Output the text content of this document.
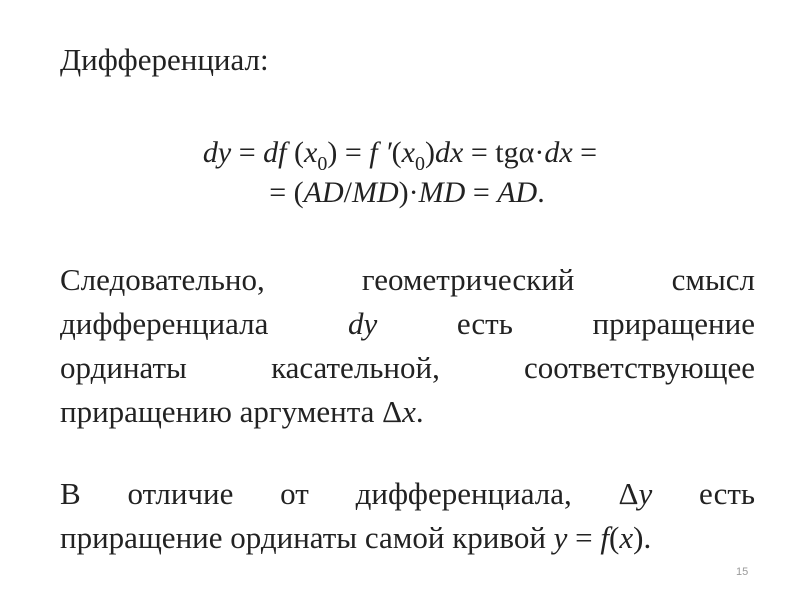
Дифференциал:
dy = df $(x_0) = f$ $'(x_0)dx = tg\alpha\cdot dx$ =
= (AD/MD)·MD = AD.
Следовательно,	геометрический	смысл
дифференциала	dy	есть	приращение
ординаты	касательной,	соответствующее
приращению аргумента Δx.
В отличие от дифференциала, Δy есть
приращение ординаты самой кривой y = f(x).
15
